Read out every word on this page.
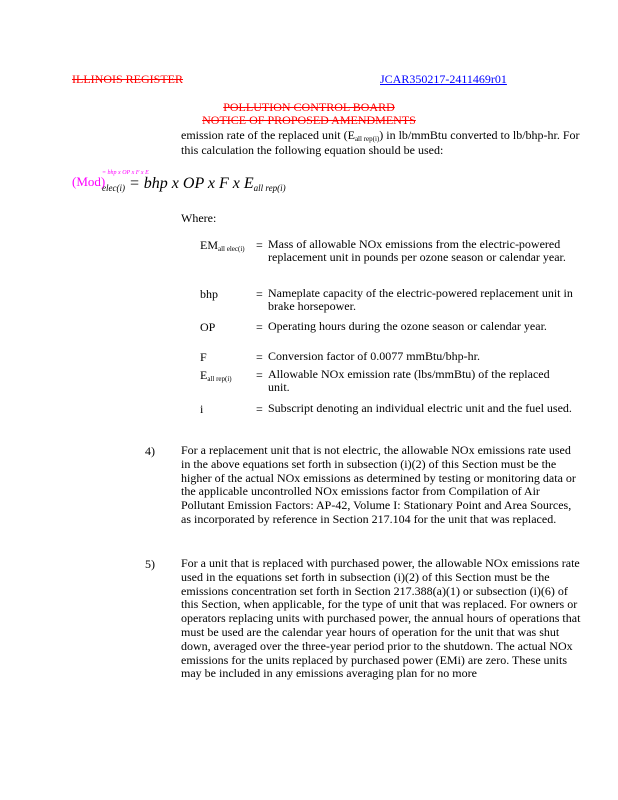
ILLINOIS REGISTER	JCAR350217-2411469r01
POLLUTION CONTROL BOARD
NOTICE OF PROPOSED AMENDMENTS
emission rate of the replaced unit $(E_{all rep(i)})$ in lb/mmBtu converted to lb/bhp-hr. For this calculation the following equation should be used:
(Mod)
= bhp x OP x F x E
$_{elec(i)}$ = bhp x OP x F x $E_{all rep(i)}$
Where:
$EM_{all elec(i)}$ = Mass of allowable NOx emissions from the electric-powered replacement unit in pounds per ozone season or calendar year.
bhp	= Nameplate capacity of the electric-powered replacement unit in brake horsepower.
OP	= Operating hours during the ozone season or calendar year.
F	= Conversion factor of 0.0077 mmBtu/bhp-hr.
$E_{all rep(i)}$	= Allowable NOx emission rate (lbs/mmBtu) of the replaced unit.
i	= Subscript denoting an individual electric unit and the fuel used.
4) For a replacement unit that is not electric, the allowable NOx emissions rate used in the above equations set forth in subsection (i)(2) of this Section must be the higher of the actual NOx emissions as determined by testing or monitoring data or the applicable uncontrolled NOx emissions factor from Compilation of Air Pollutant Emission Factors: AP-42, Volume I: Stationary Point and Area Sources, as incorporated by reference in Section 217.104 for the unit that was replaced.
5) For a unit that is replaced with purchased power, the allowable NOx emissions rate used in the equations set forth in subsection (i)(2) of this Section must be the emissions concentration set forth in Section 217.388(a)(1) or subsection (i)(6) of this Section, when applicable, for the type of unit that was replaced. For owners or operators replacing units with purchased power, the annual hours of operations that must be used are the calendar year hours of operation for the unit that was shut down, averaged over the three-year period prior to the shutdown. The actual NOx emissions for the units replaced by purchased power (EMi) are zero. These units may be included in any emissions averaging plan for no more
